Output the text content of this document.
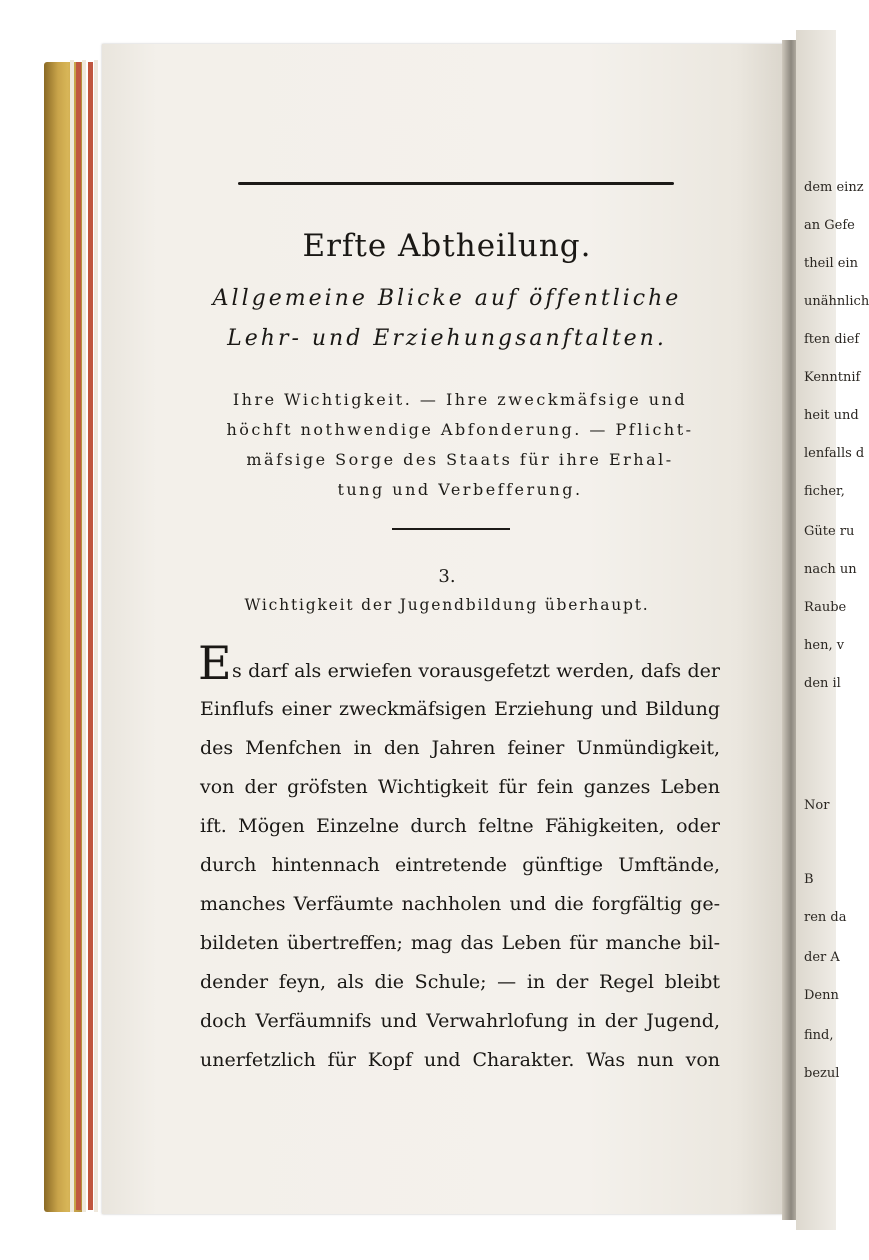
dem einz
an Gefe
theil ein
unähnlich
ften dief
Kenntnif
heit und
lenfalls d
ficher,
Güte ru
nach un
Raube
hen, v
den il
Nor
B
ren da
der A
Denn
find,
bezul
Erfte Abtheilung.
Allgemeine Blicke auf öffentliche
Lehr- und Erziehungsanftalten.
Ihre Wichtigkeit. — Ihre zweckmäfsige und
höchft nothwendige Abfonderung. — Pflicht-
mäfsige Sorge des Staats für ihre Erhal-
tung und Verbefferung.
3.
Wichtigkeit der Jugendbildung überhaupt.
E s darf als erwiefen vorausgefetzt werden, dafs der
Einflufs einer zweckmäfsigen Erziehung und Bildung
des Menfchen in den Jahren feiner Unmündigkeit,
von der gröfsten Wichtigkeit für fein ganzes Leben
ift. Mögen Einzelne durch feltne Fähigkeiten, oder
durch hintennach eintretende günftige Umftände,
manches Verfäumte nachholen und die forgfältig ge-
bildeten übertreffen; mag das Leben für manche bil-
dender feyn, als die Schule; — in der Regel bleibt
doch Verfäumnifs und Verwahrlofung in der Jugend,
unerfetzlich für Kopf und Charakter. Was nun von
